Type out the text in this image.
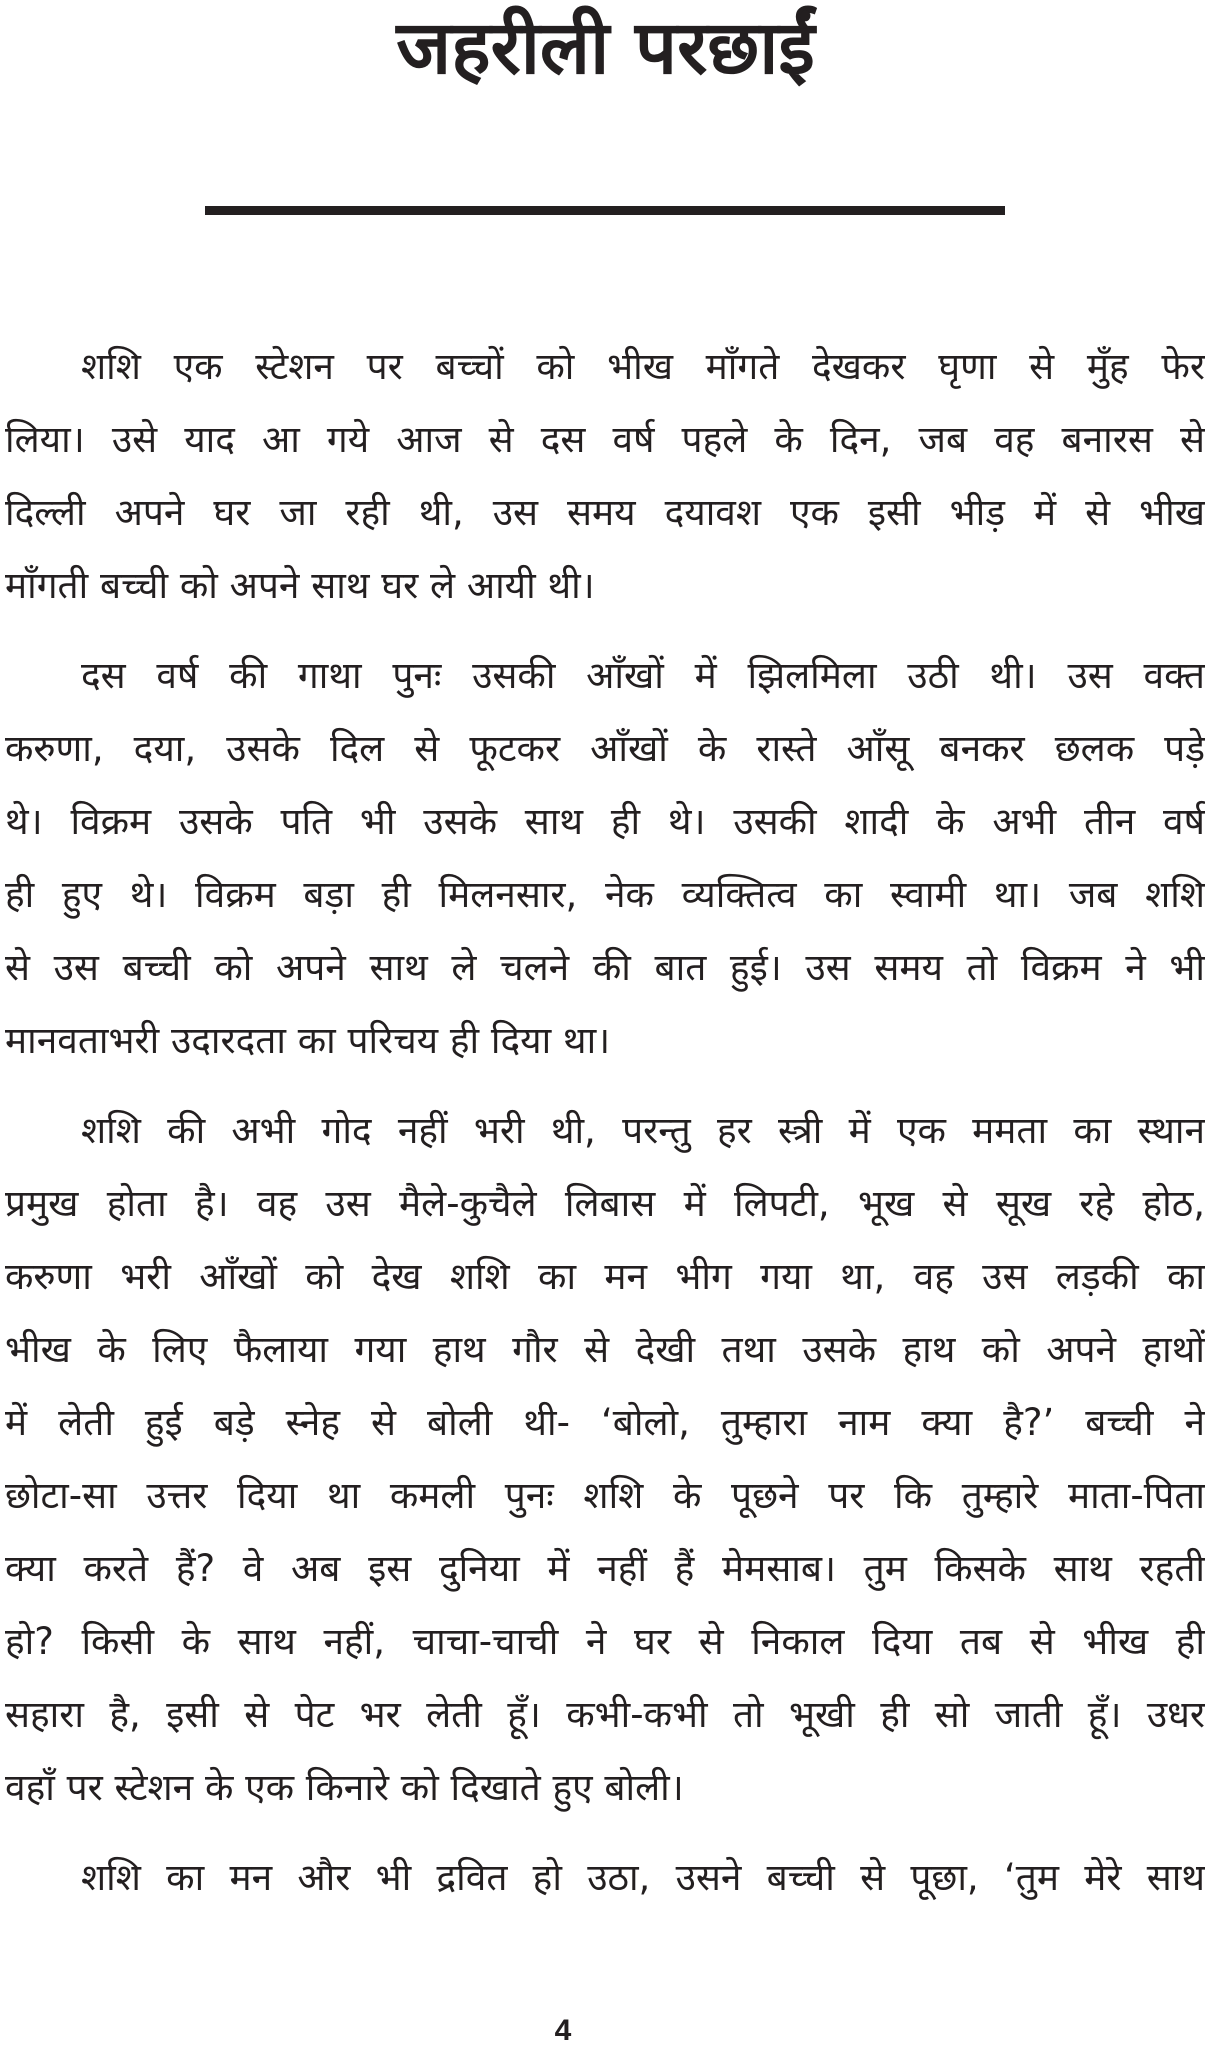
जहरीली परछाईं

शशि एक स्टेशन पर बच्चों को भीख माँगते देखकर घृणा से मुँह फेर
लिया। उसे याद आ गये आज से दस वर्ष पहले के दिन, जब वह बनारस से
दिल्ली अपने घर जा रही थी, उस समय दयावश एक इसी भीड़ में से भीख
माँगती बच्ची को अपने साथ घर ले आयी थी।

दस वर्ष की गाथा पुनः उसकी आँखों में झिलमिला उठी थी। उस वक्त
करुणा, दया, उसके दिल से फूटकर आँखों के रास्ते आँसू बनकर छलक पड़े
थे। विक्रम उसके पति भी उसके साथ ही थे। उसकी शादी के अभी तीन वर्ष
ही हुए थे। विक्रम बड़ा ही मिलनसार, नेक व्यक्तित्व का स्वामी था। जब शशि
से उस बच्ची को अपने साथ ले चलने की बात हुई। उस समय तो विक्रम ने भी
मानवताभरी उदारदता का परिचय ही दिया था।

शशि की अभी गोद नहीं भरी थी, परन्तु हर स्त्री में एक ममता का स्थान
प्रमुख होता है। वह उस मैले-कुचैले लिबास में लिपटी, भूख से सूख रहे होठ,
करुणा भरी आँखों को देख शशि का मन भीग गया था, वह उस लड़की का
भीख के लिए फैलाया गया हाथ गौर से देखी तथा उसके हाथ को अपने हाथों
में लेती हुई बड़े स्नेह से बोली थी- ‘बोलो, तुम्हारा नाम क्या है?’ बच्ची ने
छोटा-सा उत्तर दिया था कमली पुनः शशि के पूछने पर कि तुम्हारे माता-पिता
क्या करते हैं? वे अब इस दुनिया में नहीं हैं मेमसाब। तुम किसके साथ रहती
हो? किसी के साथ नहीं, चाचा-चाची ने घर से निकाल दिया तब से भीख ही
सहारा है, इसी से पेट भर लेती हूँ। कभी-कभी तो भूखी ही सो जाती हूँ। उधर
वहाँ पर स्टेशन के एक किनारे को दिखाते हुए बोली।

शशि का मन और भी द्रवित हो उठा, उसने बच्ची से पूछा, ‘तुम मेरे साथ

4
